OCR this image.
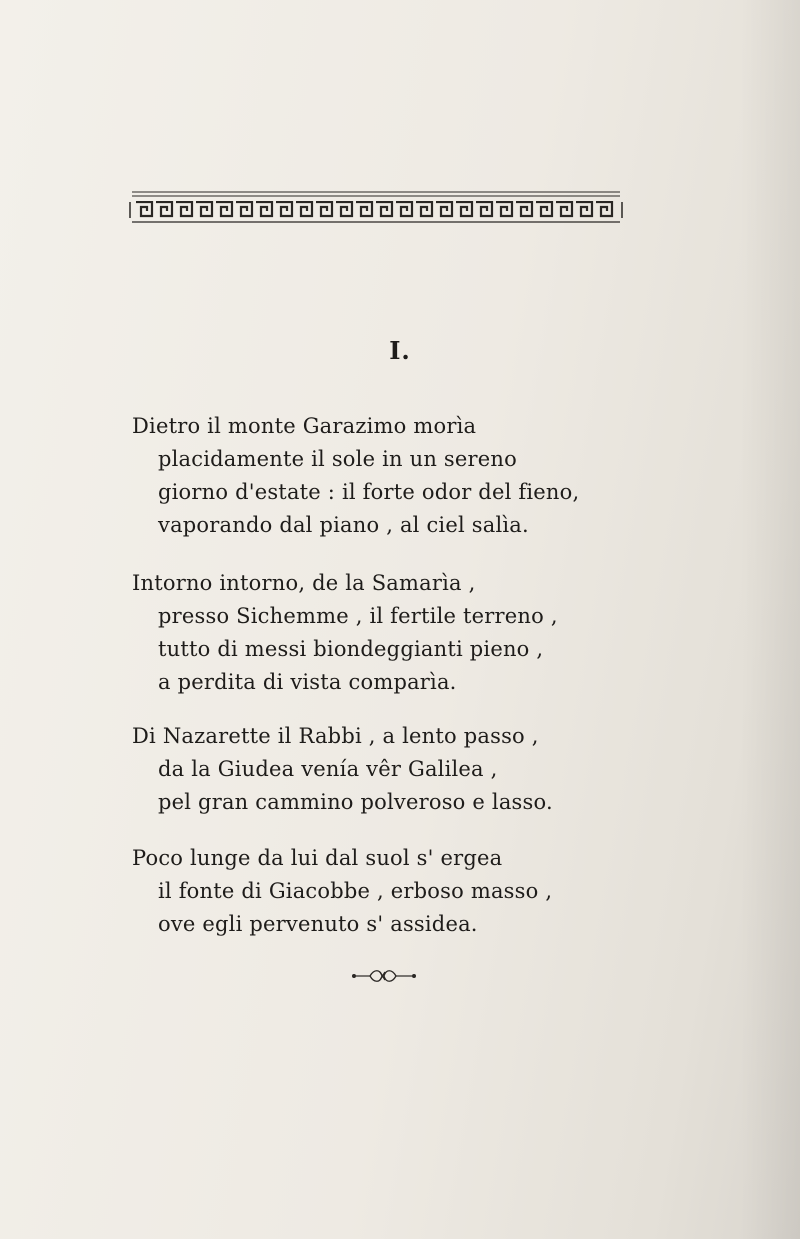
I.
Dietro il monte Garazimo morìa
placidamente il sole in un sereno
giorno d'estate : il forte odor del fieno,
vaporando dal piano , al ciel salìa.
Intorno intorno, de la Samarìa ,
presso Sichemme , il fertile terreno ,
tutto di messi biondeggianti pieno ,
a perdita di vista comparìa.
Di Nazarette il Rabbi , a lento passo ,
da la Giudea venía vêr Galilea ,
pel gran cammino polveroso e lasso.
Poco lunge da lui dal suol s' ergea
il fonte di Giacobbe , erboso masso ,
ove egli pervenuto s' assidea.
